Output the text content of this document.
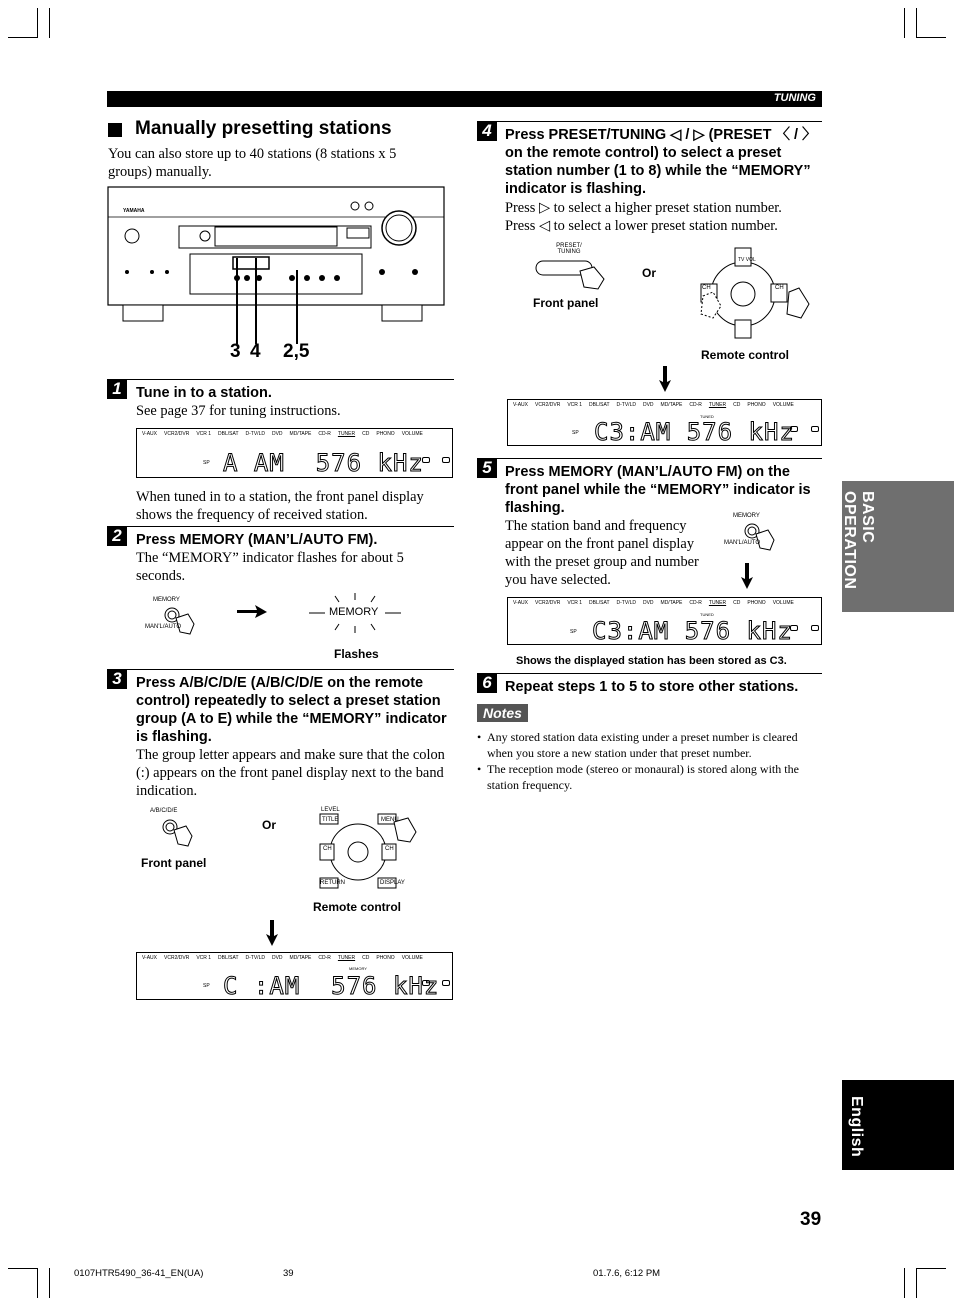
TUNING
Manually presetting stations
You can also store up to 40 stations (8 stations x 5 groups) manually.
YAMAHA
3 4 2,5
1 Tune in to a station.
See page 37 for tuning instructions.
V-AUX VCR2/DVR VCR 1 DBL/SAT D-TV/LD DVD MD/TAPE CD-R TUNER CD PHONO VOLUME
SP A AM  576 kHz
When tuned in to a station, the front panel display shows the frequency of received station.
2 Press MEMORY (MAN’L/AUTO FM).
The “MEMORY” indicator flashes for about 5 seconds.
MEMORY
MAN'L/AUTO
MEMORY
Flashes
3 Press A/B/C/D/E (A/B/C/D/E on the remote control) repeatedly to select a preset station group (A to E) while the “MEMORY” indicator is flashing.
The group letter appears and make sure that the colon (:) appears on the front panel display next to the band indication.
A/B/C/D/E
Front panel
Or
LEVEL
TITLE	MENU
RETURN	DISPLAY
CH	CH
Remote control
V-AUX VCR2/DVR VCR 1 DBL/SAT D-TV/LD DVD MD/TAPE CD-R TUNER CD PHONO VOLUME
SP
MEMORY
C :AM  576 kHz
4 Press PRESET/TUNING ◁ / ▷ (PRESET 〈 / 〉 on the remote control) to select a preset station number (1 to 8) while the “MEMORY” indicator is flashing.
Press ▷ to select a higher preset station number.
Press ◁ to select a lower preset station number.
PRESET/ TUNING
Front panel
Or
CH	CH
TV VOL
Remote control
V-AUX VCR2/DVR VCR 1 DBL/SAT D-TV/LD DVD MD/TAPE CD-R TUNER CD PHONO VOLUME
TUNED
SP C3:AM 576 kHz
5 Press MEMORY (MAN’L/AUTO FM) on the front panel while the “MEMORY” indicator is flashing.
The station band and frequency appear on the front panel display with the preset group and number you have selected.
MEMORY
MAN'L/AUTO
V-AUX VCR2/DVR VCR 1 DBL/SAT D-TV/LD DVD MD/TAPE CD-R TUNER CD PHONO VOLUME
TUNED
SP C3:AM 576 kHz
Shows the displayed station has been stored as C3.
6 Repeat steps 1 to 5 to store other stations.
Notes
• Any stored station data existing under a preset number is cleared when you store a new station under that preset number.
• The reception mode (stereo or monaural) is stored along with the station frequency.
BASIC OPERATION
English
39
0107HTR5490_36-41_EN(UA)	39	01.7.6, 6:12 PM
